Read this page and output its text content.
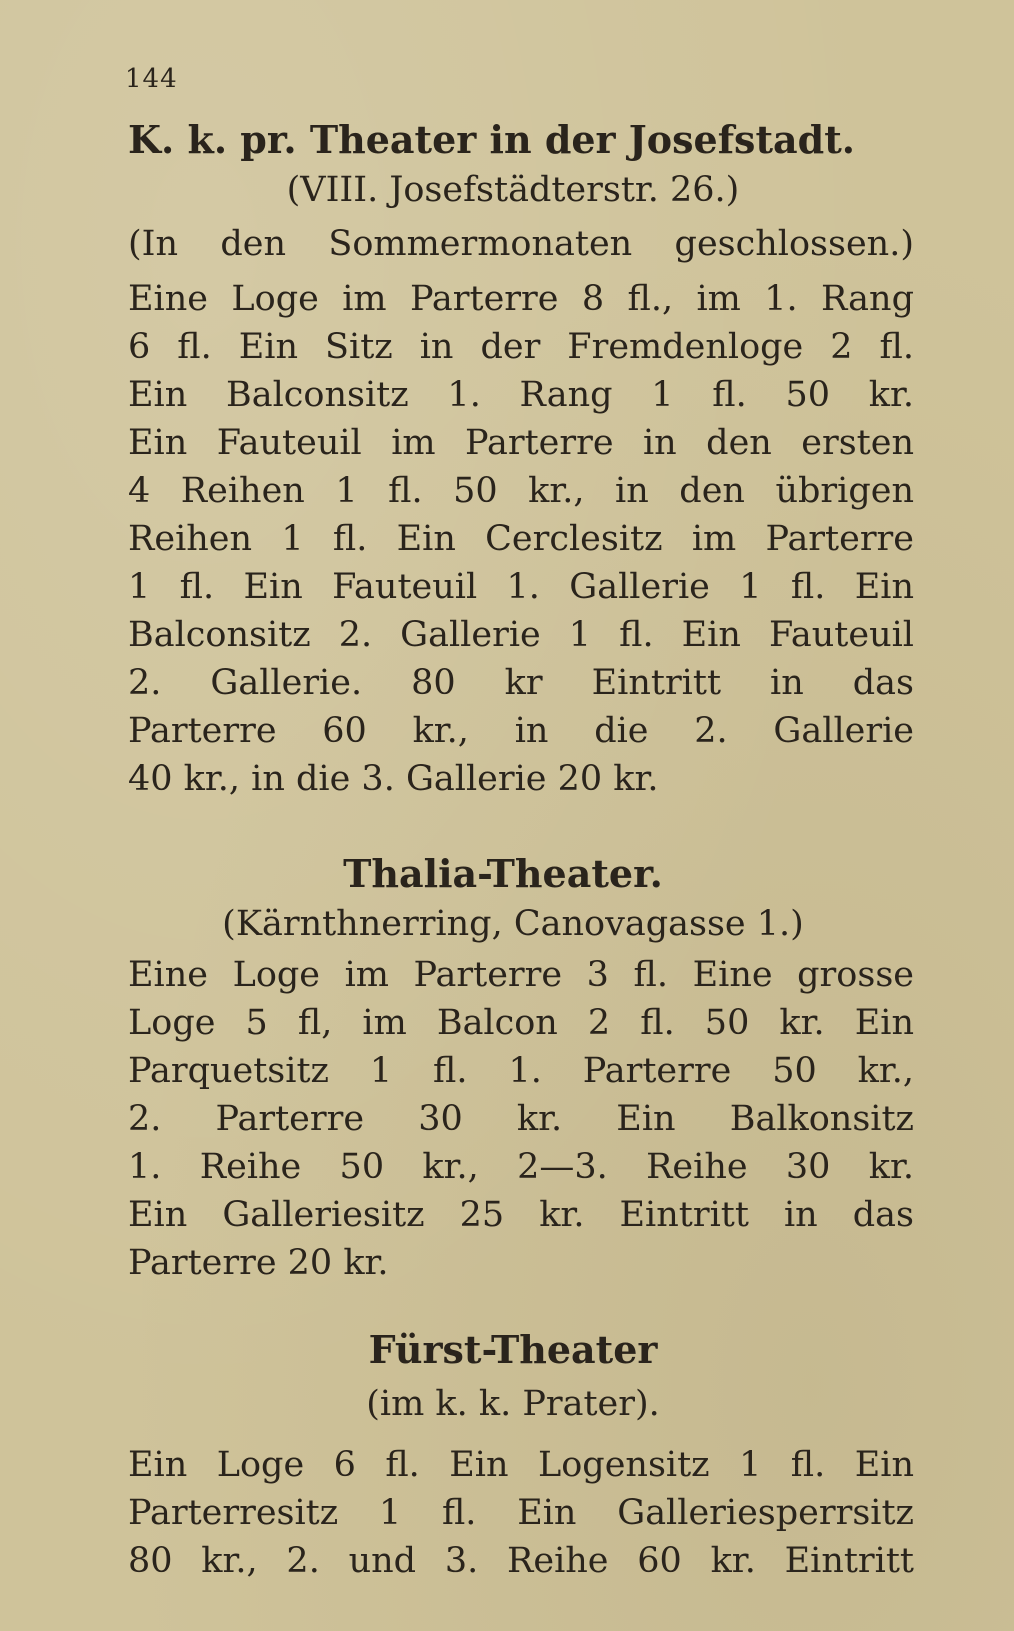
144
K. k. pr. Theater in der Josefstadt.
(VIII. Josefstädterstr. 26.)
(In den Sommermonaten geschlossen.)
Eine Loge im Parterre 8 fl., im 1. Rang
6 fl. Ein Sitz in der Fremdenloge 2 fl.
Ein Balconsitz 1. Rang 1 fl. 50 kr.
Ein Fauteuil im Parterre in den ersten
4 Reihen 1 fl. 50 kr., in den übrigen
Reihen 1 fl. Ein Cerclesitz im Parterre
1 fl. Ein Fauteuil 1. Gallerie 1 fl. Ein
Balconsitz 2. Gallerie 1 fl. Ein Fauteuil
2. Gallerie. 80 kr Eintritt in das
Parterre 60 kr., in die 2. Gallerie
40 kr., in die 3. Gallerie 20 kr.
Thalia-Theater.
(Kärnthnerring, Canovagasse 1.)
Eine Loge im Parterre 3 fl. Eine grosse
Loge 5 fl, im Balcon 2 fl. 50 kr. Ein
Parquetsitz 1 fl. 1. Parterre 50 kr.,
2. Parterre 30 kr. Ein Balkonsitz
1. Reihe 50 kr., 2—3. Reihe 30 kr.
Ein Galleriesitz 25 kr. Eintritt in das
Parterre 20 kr.
Fürst-Theater
(im k. k. Prater).
Ein Loge 6 fl. Ein Logensitz 1 fl. Ein
Parterresitz 1 fl. Ein Galleriesperrsitz
80 kr., 2. und 3. Reihe 60 kr. Eintritt
